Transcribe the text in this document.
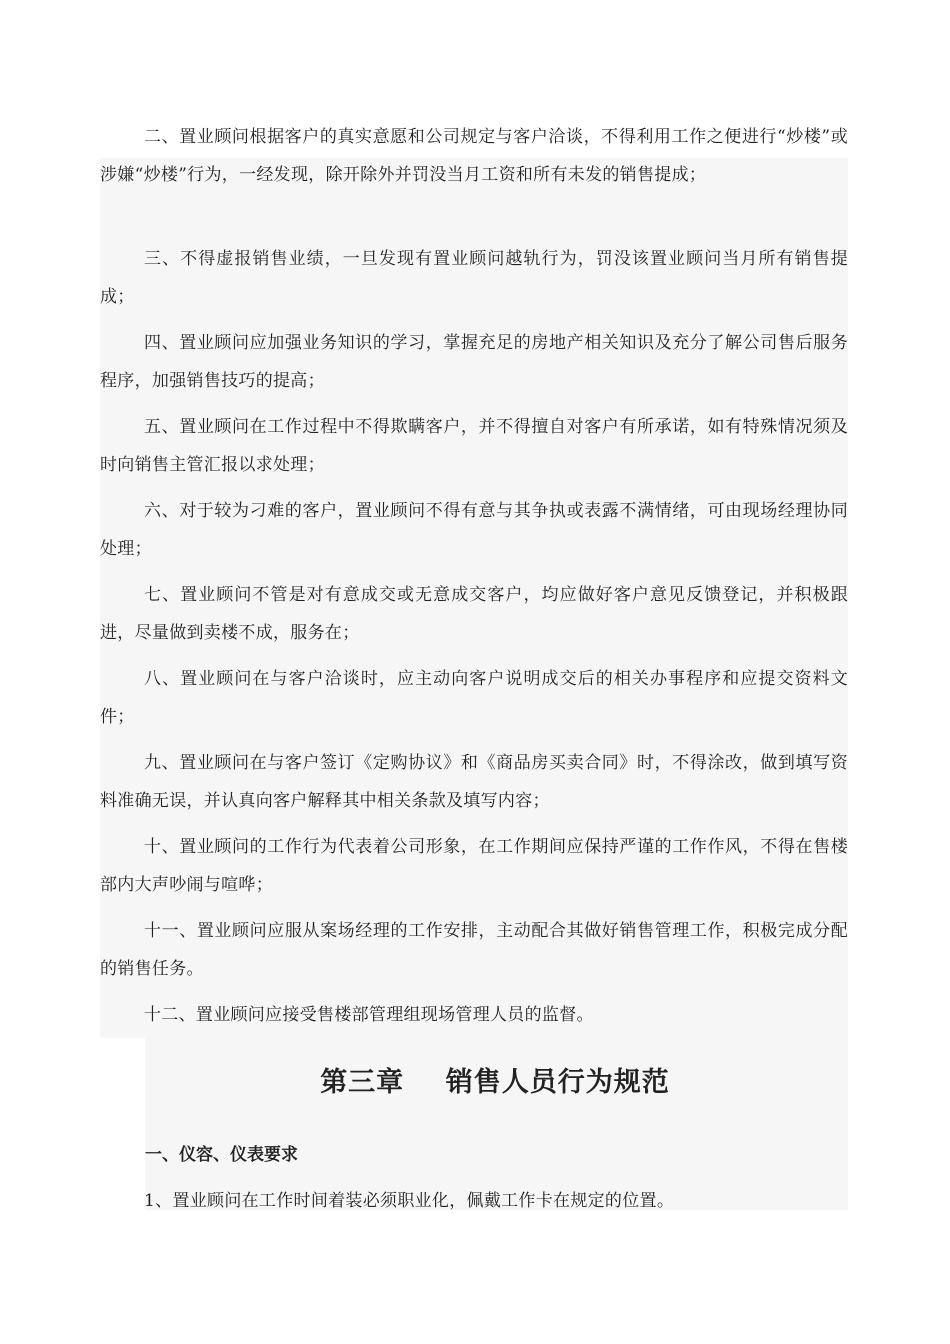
二、置业顾问根据客户的真实意愿和公司规定与客户洽谈，不得利用工作之便进行“炒楼”或涉嫌“炒楼”行为，一经发现，除开除外并罚没当月工资和所有未发的销售提成；

三、不得虚报销售业绩，一旦发现有置业顾问越轨行为，罚没该置业顾问当月所有销售提成；

四、置业顾问应加强业务知识的学习，掌握充足的房地产相关知识及充分了解公司售后服务程序，加强销售技巧的提高；

五、置业顾问在工作过程中不得欺瞒客户，并不得擅自对客户有所承诺，如有特殊情况须及时向销售主管汇报以求处理；

六、对于较为刁难的客户，置业顾问不得有意与其争执或表露不满情绪，可由现场经理协同处理；

七、置业顾问不管是对有意成交或无意成交客户，均应做好客户意见反馈登记，并积极跟进，尽量做到卖楼不成，服务在；

八、置业顾问在与客户洽谈时，应主动向客户说明成交后的相关办事程序和应提交资料文件；

九、置业顾问在与客户签订《定购协议》和《商品房买卖合同》时，不得涂改，做到填写资料准确无误，并认真向客户解释其中相关条款及填写内容；

十、置业顾问的工作行为代表着公司形象，在工作期间应保持严谨的工作作风，不得在售楼部内大声吵闹与喧哗；

十一、置业顾问应服从案场经理的工作安排，主动配合其做好销售管理工作，积极完成分配的销售任务。

十二、置业顾问应接受售楼部管理组现场管理人员的监督。

第三章    销售人员行为规范
一、仪容、仪表要求

1、置业顾问在工作时间着装必须职业化，佩戴工作卡在规定的位置。
